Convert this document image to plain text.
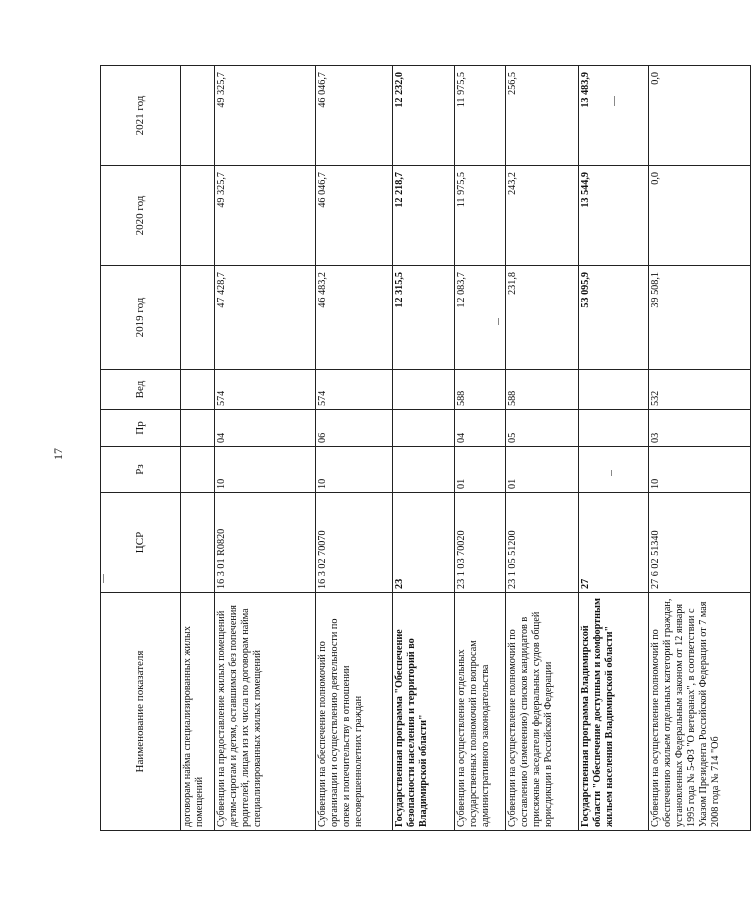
17
Наименование показателя	ЦСР	Рз	Пр	Вед	2019 год	2020 год	2021 год
договорам найма специализированных жилых помещений							
Субвенции на предоставление жилых помещений детям-сиротам и детям, оставшимся без попечения родителей, лицам из их числа по договорам найма специализированных жилых помещений	16 3 01 R0820	10	04	574	47 428,7	49 325,7	49 325,7
Субвенции на обеспечение полномочий по организации и осуществлению деятельности по опеке и попечительству в отношении несовершеннолетних граждан	16 3 02 70070	10	06	574	46 483,2	46 046,7	46 046,7
Государственная программа "Обеспечение безопасности населения и территорий во Владимирской области"	23				12 315,5	12 218,7	12 232,0
Субвенции на осуществление отдельных государственных полномочий по вопросам административного законодательства	23 1 03 70020	01	04	588	12 083,7	11 975,5	11 975,5
Субвенции на осуществление полномочий по составлению (изменению) списков кандидатов в присяжные заседатели федеральных судов общей юрисдикции в Российской Федерации	23 1 05 51200	01	05	588	231,8	243,2	256,5
Государственная программа Владимирской области "Обеспечение доступным и комфортным жильем населения Владимирской области"	27				53 095,9	13 544,9	13 483,9
Субвенции на осуществление полномочий по обеспечению жильем отдельных категорий граждан, установленных Федеральным законом от 12 января 1995 года № 5-ФЗ "О ветеранах", в соответствии с Указом Президента Российской Федерации от 7 мая 2008 года № 714 "Об	27 6 02 51340	10	03	532	39 508,1	0,0	0,0
